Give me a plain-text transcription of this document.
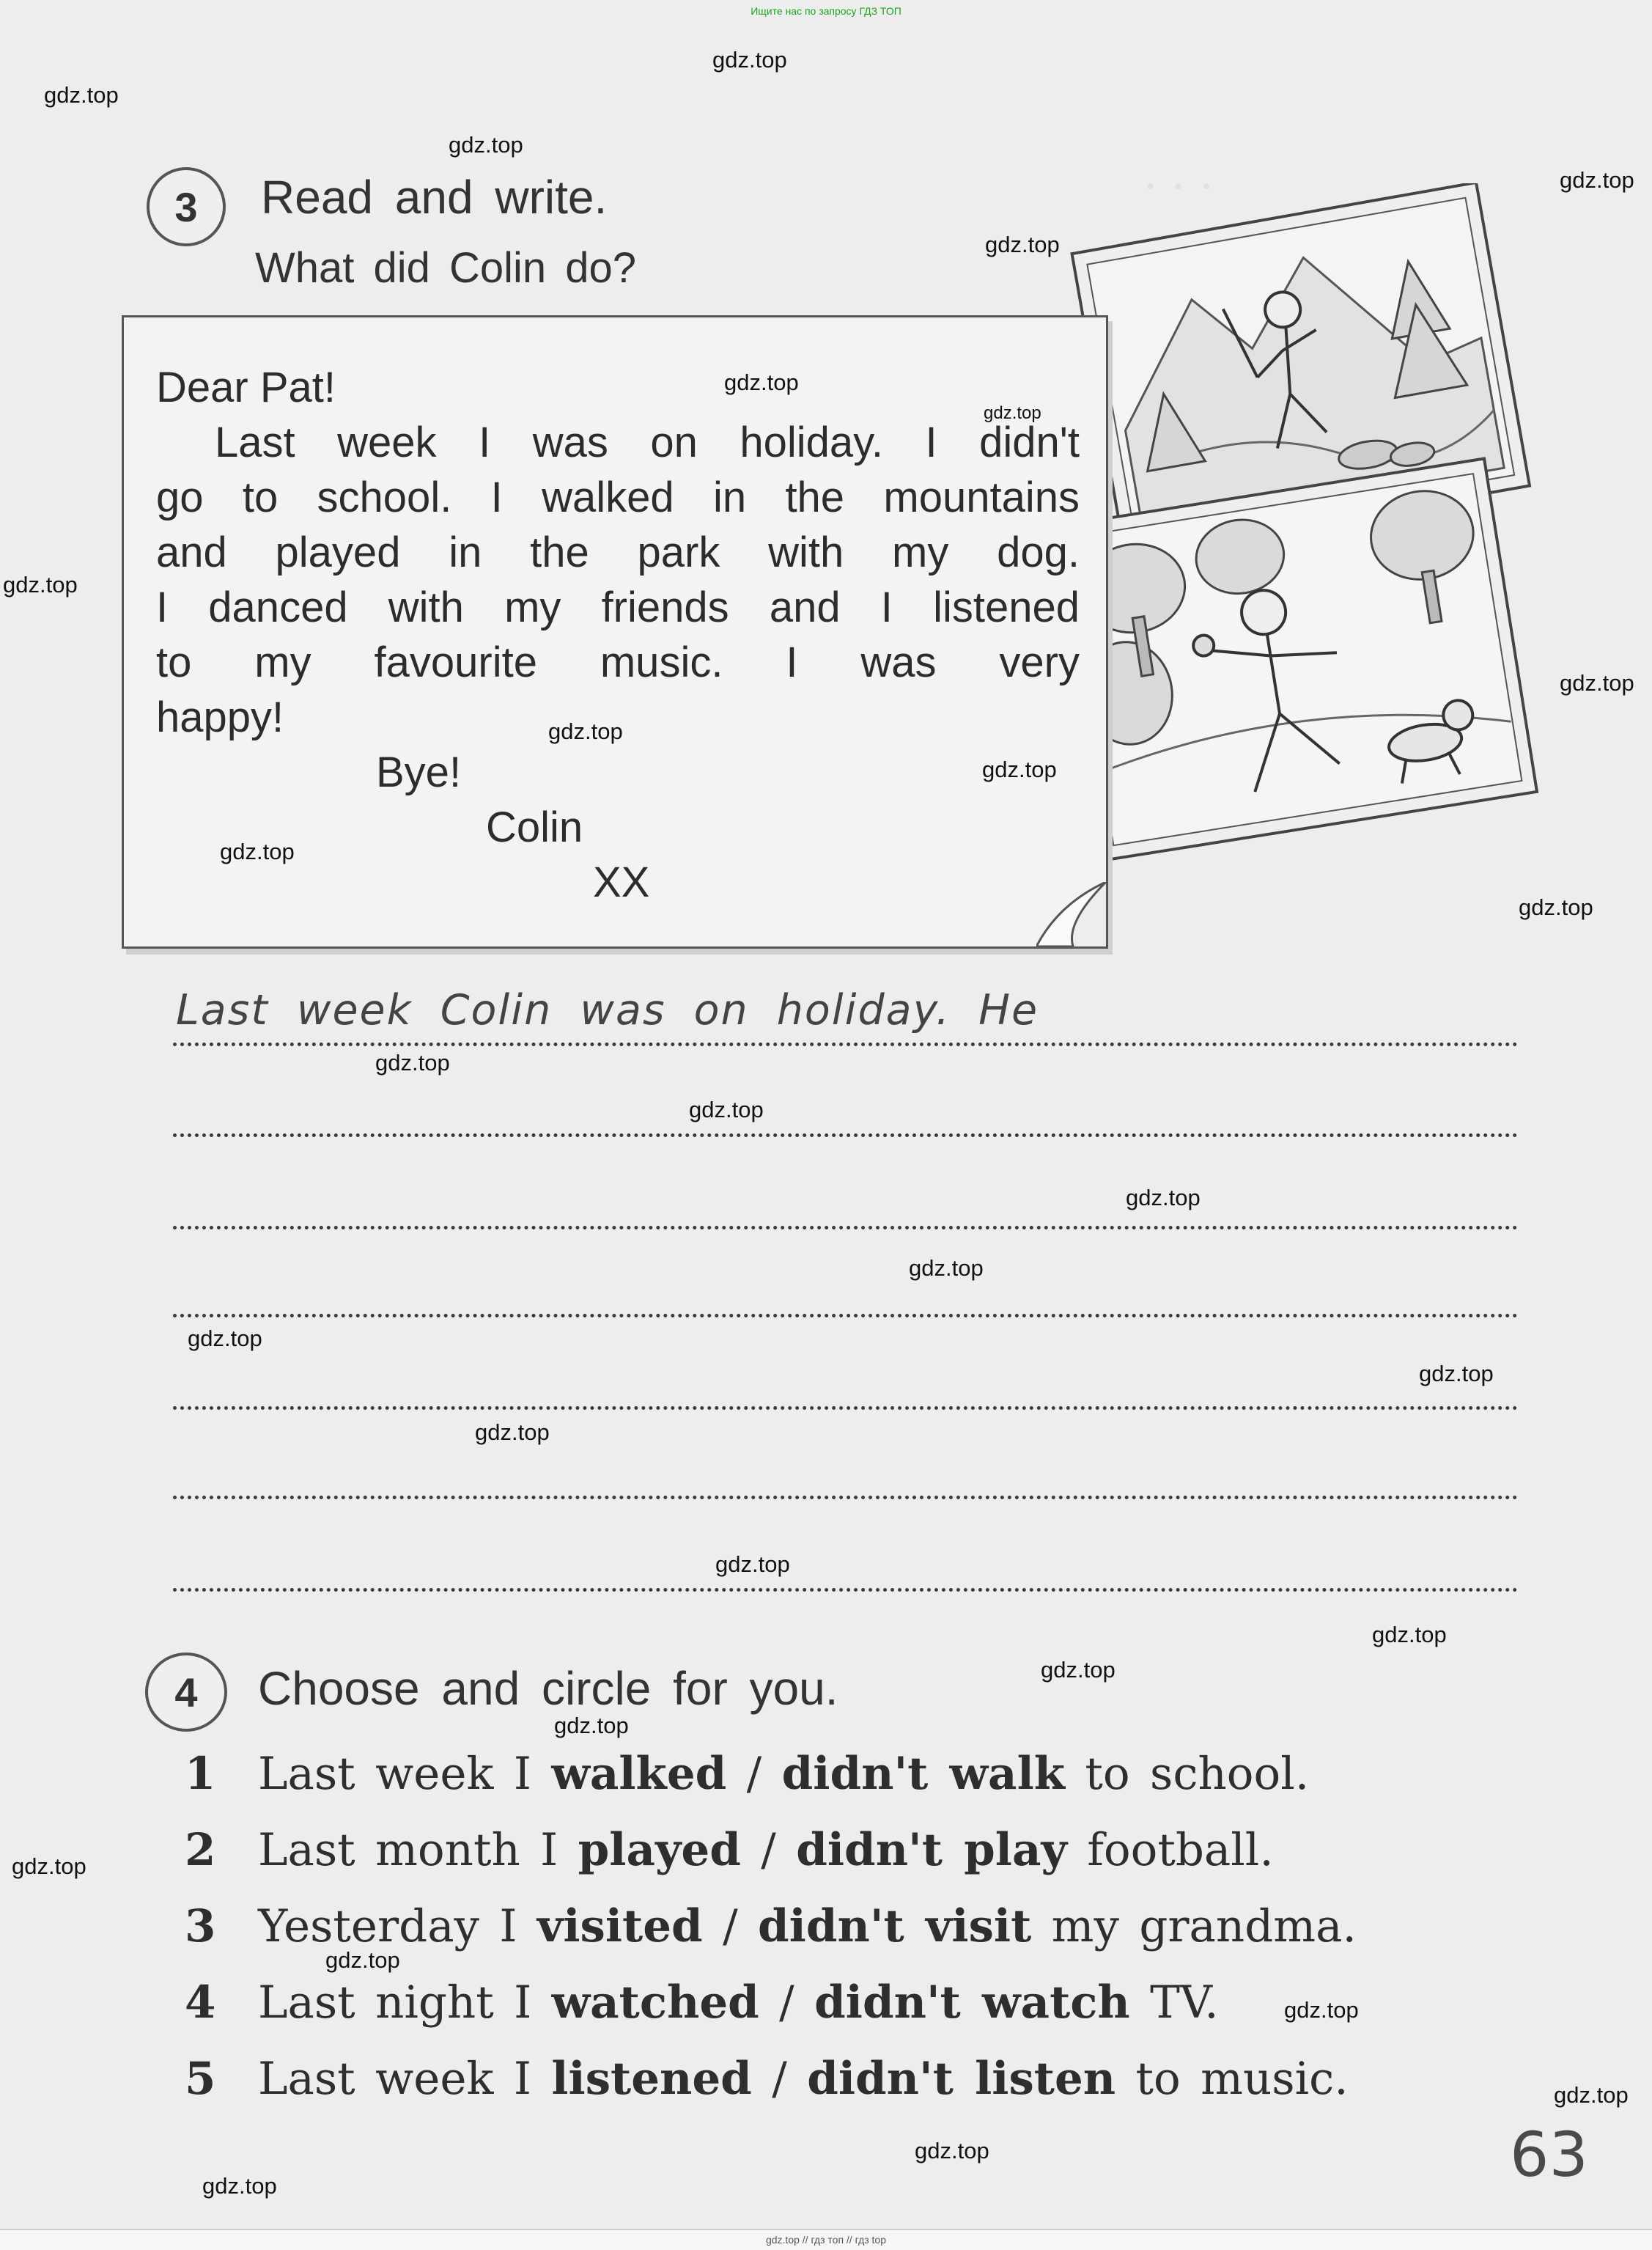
Ищите нас по запросу ГДЗ ТОП
· · ·
3 Read and write.
What did Colin do?
Dear Pat!
Last week I was on holiday. I didn't
go to school. I walked in the mountains
and played in the park with my dog.
I danced with my friends and I listened
to my favourite music. I was very
happy!
Bye!
Colin
XX
Last week Colin was on holiday. He
4 Choose and circle for you.
1 Last week I walked / didn't walk to school.
2 Last month I played / didn't play football.
3 Yesterday I visited / didn't visit my grandma.
4 Last night I watched / didn't watch TV.
5 Last week I listened / didn't listen to music.
63
gdz.top
gdz.top
gdz.top
gdz.top
gdz.top
gdz.top
gdz.top
gdz.top
gdz.top
gdz.top
gdz.top
gdz.top
gdz.top
gdz.top
gdz.top
gdz.top
gdz.top
gdz.top
gdz.top
gdz.top
gdz.top
gdz.top
gdz.top
gdz.top
gdz.top
gdz.top
gdz.top
gdz.top
gdz.top
gdz.top
gdz.top // гдз топ // гдз top
